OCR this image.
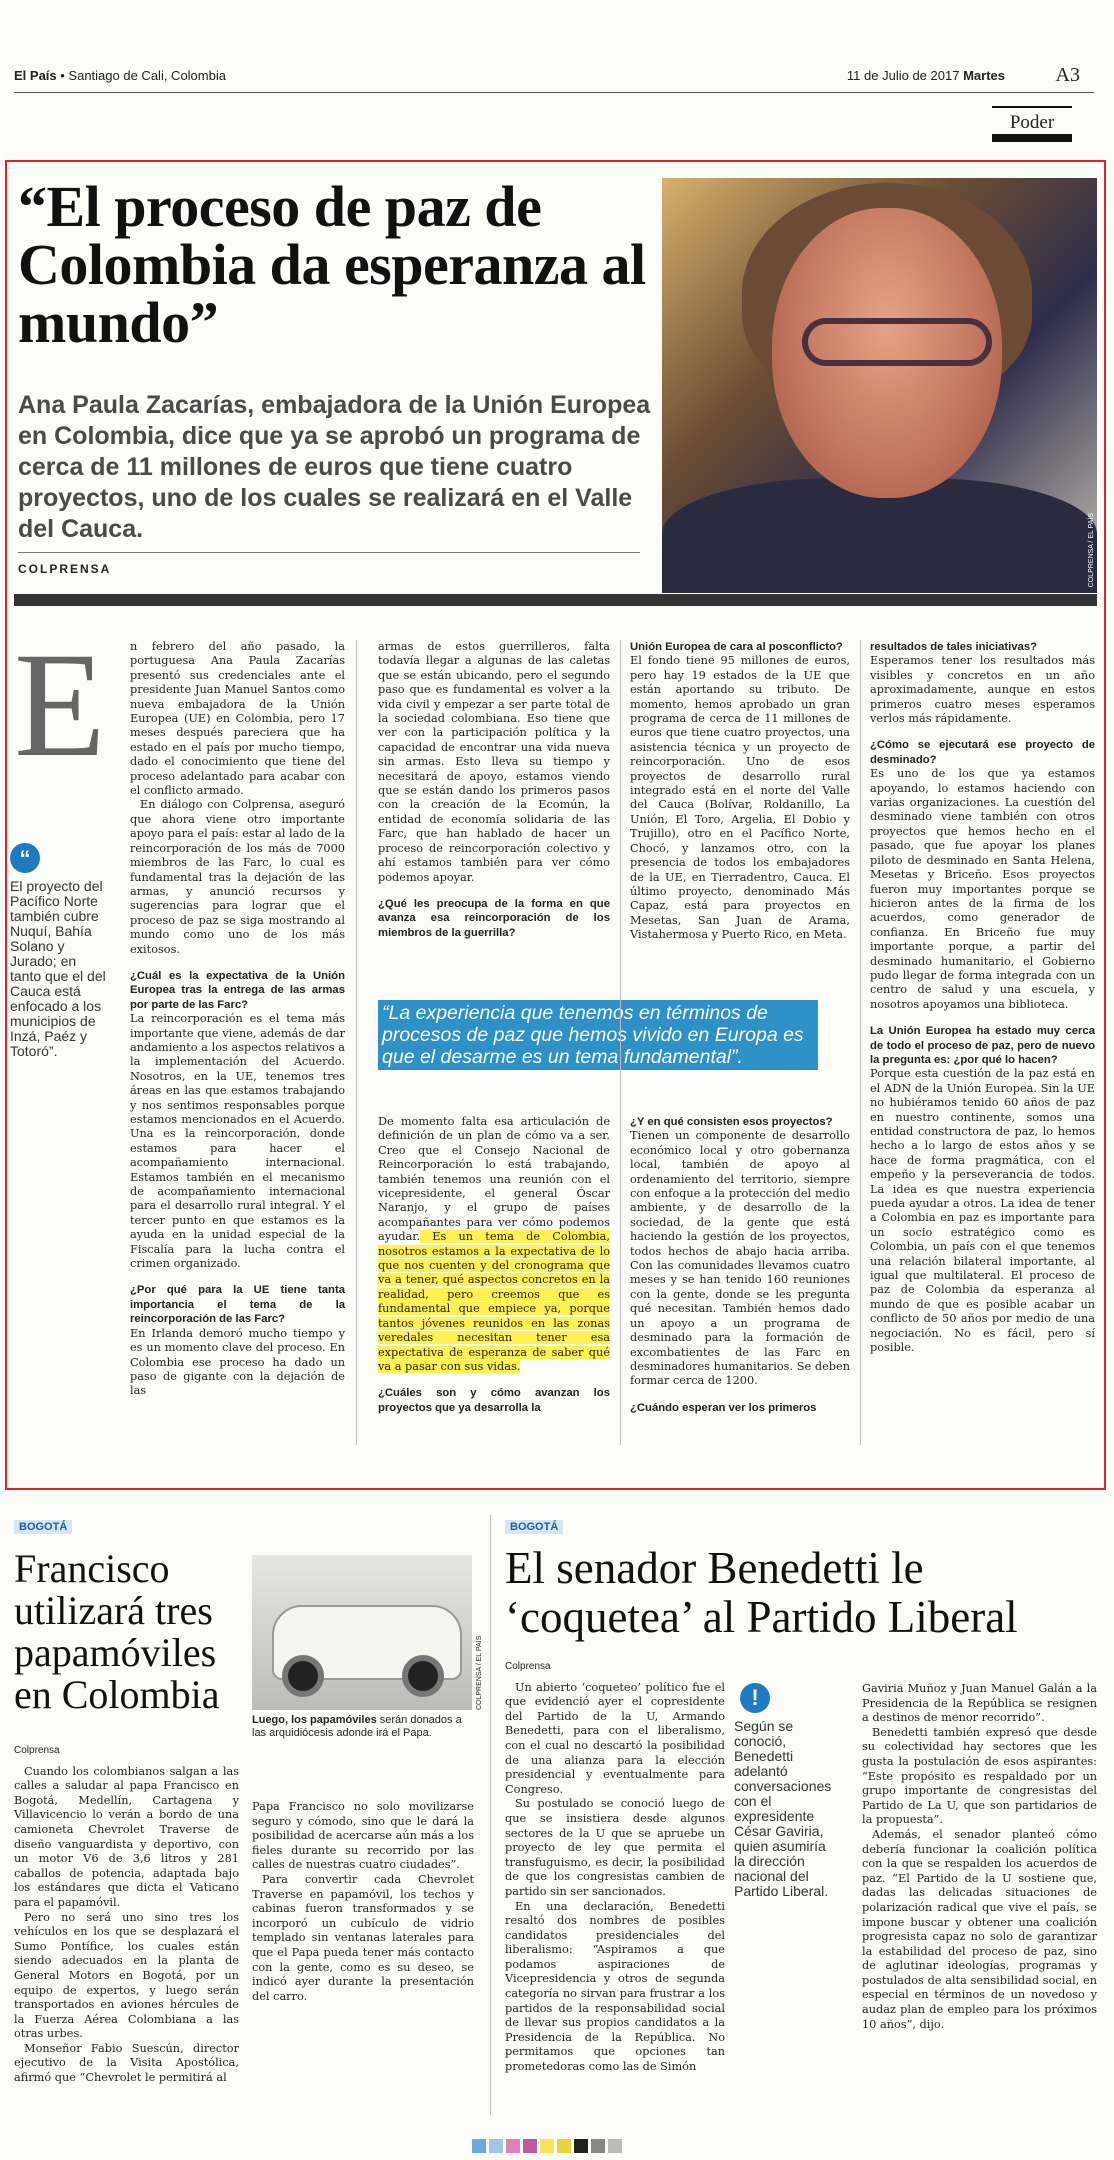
El País • Santiago de Cali, Colombia	11 de Julio de 2017 Martes	A3
Poder
“El proceso de paz de Colombia da esperanza al mundo”
Ana Paula Zacarías, embajadora de la Unión Europea en Colombia, dice que ya se aprobó un programa de cerca de 11 millones de euros que tiene cuatro proyectos, uno de los cuales se realizará en el Valle del Cauca.
COLPRENSA	COLPRENSA / EL PAÍS
E
“
El proyecto del Pacífico Norte también cubre Nuquí, Bahía Solano y Jurado; en tanto que el del Cauca está enfocado a los municipios de Inzá, Paéz y Totoró”.

n febrero del año pasado, la portuguesa Ana Paula Zacarías presentó sus credenciales ante el presidente Juan Manuel Santos como nueva embajadora de la Unión Europea (UE) en Colombia, pero 17 meses después pareciera que ha estado en el país por mucho tiempo, dado el conocimiento que tiene del proceso adelantado para acabar con el conflicto armado.

En diálogo con Colprensa, aseguró que ahora viene otro importante apoyo para el país: estar al lado de la reincorporación de los más de 7000 miembros de las Farc, lo cual es fundamental tras la dejación de las armas, y anunció recursos y sugerencias para lograr que el proceso de paz se siga mostrando al mundo como uno de los más exitosos.

¿Cuál es la expectativa de la Unión Europea tras la entrega de las armas por parte de las Farc?

La reincorporación es el tema más importante que viene, además de dar andamiento a los aspectos relativos a la implementación del Acuerdo. Nosotros, en la UE, tenemos tres áreas en las que estamos trabajando y nos sentimos responsables porque estamos mencionados en el Acuerdo. Una es la reincorporación, donde estamos para hacer el acompañamiento internacional. Estamos también en el mecanismo de acompañamiento internacional para el desarrollo rural integral. Y el tercer punto en que estamos es la ayuda en la unidad especial de la Fiscalía para la lucha contra el crimen organizado.

¿Por qué para la UE tiene tanta importancia el tema de la reincorporación de las Farc?

En Irlanda demoró mucho tiempo y es un momento clave del proceso. En Colombia ese proceso ha dado un paso de gigante con la dejación de las

armas de estos guerrilleros, falta todavía llegar a algunas de las caletas que se están ubicando, pero el segundo paso que es fundamental es volver a la vida civil y empezar a ser parte total de la sociedad colombiana. Eso tiene que ver con la participación política y la capacidad de encontrar una vida nueva sin armas. Esto lleva su tiempo y necesitará de apoyo, estamos viendo que se están dando los primeros pasos con la creación de la Ecomún, la entidad de economía solidaria de las Farc, que han hablado de hacer un proceso de reincorporación colectivo y ahí estamos también para ver cómo podemos apoyar.

¿Qué les preocupa de la forma en que avanza esa reincorporación de los miembros de la guerrilla?
“La experiencia que tenemos en términos de procesos de paz que hemos vivido en Europa es que el desarme es un tema fundamental”.

De momento falta esa articulación de definición de un plan de cómo va a ser. Creo que el Consejo Nacional de Reincorporación lo está trabajando, también tenemos una reunión con el vicepresidente, el general Óscar Naranjo, y el grupo de países acompañantes para ver cómo podemos ayudar. Es un tema de Colombia, nosotros estamos a la expectativa de lo que nos cuenten y del cronograma que va a tener, qué aspectos concretos en la realidad, pero creemos que es fundamental que empiece ya, porque tantos jóvenes reunidos en las zonas veredales necesitan tener esa expectativa de esperanza de saber qué va a pasar con sus vidas.

¿Cuáles son y cómo avanzan los proyectos que ya desarrolla la
Unión Europea de cara al posconflicto?

El fondo tiene 95 millones de euros, pero hay 19 estados de la UE que están aportando su tributo. De momento, hemos aprobado un gran programa de cerca de 11 millones de euros que tiene cuatro proyectos, una asistencia técnica y un proyecto de reincorporación. Uno de esos proyectos de desarrollo rural integrado está en el norte del Valle del Cauca (Bolívar, Roldanillo, La Unión, El Toro, Argelia, El Dobio y Trujillo), otro en el Pacífico Norte, Chocó, y lanzamos otro, con la presencia de todos los embajadores de la UE, en Tierradentro, Cauca. El último proyecto, denominado Más Capaz, está para proyectos en Mesetas, San Juan de Arama, Vistahermosa y Puerto Rico, en Meta.

¿Y en qué consisten esos proyectos?

Tienen un componente de desarrollo económico local y otro gobernanza local, también de apoyo al ordenamiento del territorio, siempre con enfoque a la protección del medio ambiente, y de desarrollo de la sociedad, de la gente que está haciendo la gestión de los proyectos, todos hechos de abajo hacia arriba. Con las comunidades llevamos cuatro meses y se han tenido 160 reuniones con la gente, donde se les pregunta qué necesitan. También hemos dado un apoyo a un programa de desminado para la formación de excombatientes de las Farc en desminadores humanitarios. Se deben formar cerca de 1200.

¿Cuándo esperan ver los primeros
resultados de tales iniciativas?

Esperamos tener los resultados más visibles y concretos en un año aproximadamente, aunque en estos primeros cuatro meses esperamos verlos más rápidamente.

¿Cómo se ejecutará ese proyecto de desminado?

Es uno de los que ya estamos apoyando, lo estamos haciendo con varias organizaciones. La cuestión del desminado viene también con otros proyectos que hemos hecho en el pasado, que fue apoyar los planes piloto de desminado en Santa Helena, Mesetas y Briceño. Esos proyectos fueron muy importantes porque se hicieron antes de la firma de los acuerdos, como generador de confianza. En Briceño fue muy importante porque, a partir del desminado humanitario, el Gobierno pudo llegar de forma integrada con un centro de salud y una escuela, y nosotros apoyamos una biblioteca.

La Unión Europea ha estado muy cerca de todo el proceso de paz, pero de nuevo la pregunta es: ¿por qué lo hacen?

Porque esta cuestión de la paz está en el ADN de la Unión Europea. Sin la UE no hubiéramos tenido 60 años de paz en nuestro continente, somos una entidad constructora de paz, lo hemos hecho a lo largo de estos años y se hace de forma pragmática, con el empeño y la perseverancia de todos. La idea es que nuestra experiencia pueda ayudar a otros. La idea de tener a Colombia en paz es importante para un socio estratégico como es Colombia, un país con el que tenemos una relación bilateral importante, al igual que multilateral. El proceso de paz de Colombia da esperanza al mundo de que es posible acabar un conflicto de 50 años por medio de una negociación. No es fácil, pero sí posible.

BOGOTÁ
Francisco utilizará tres papamóviles en Colombia	COLPRENSA / EL PAÍS
Luego, los papamóviles serán donados a las arquidiócesis adonde irá el Papa.
Colprensa

Cuando los colombianos salgan a las calles a saludar al papa Francisco en Bogotá, Medellín, Cartagena y Villavicencio lo verán a bordo de una camioneta Chevrolet Traverse de diseño vanguardista y deportivo, con un motor V6 de 3,6 litros y 281 caballos de potencia, adaptada bajo los estándares que dicta el Vaticano para el papamóvil.

Pero no será uno sino tres los vehículos en los que se desplazará el Sumo Pontífice, los cuales están siendo adecuados en la planta de General Motors en Bogotá, por un equipo de expertos, y luego serán transportados en aviones hércules de la Fuerza Aérea Colombiana a las otras urbes.

Monseñor Fabio Suescún, director ejecutivo de la Visita Apostólica, afirmó que “Chevrolet le permitirá al

Papa Francisco no solo movilizarse seguro y cómodo, sino que le dará la posibilidad de acercarse aún más a los fieles durante su recorrido por las calles de nuestras cuatro ciudades”.

Para convertir cada Chevrolet Traverse en papamóvil, los techos y cabinas fueron transformados y se incorporó un cubículo de vidrio templado sin ventanas laterales para que el Papa pueda tener más contacto con la gente, como es su deseo, se indicó ayer durante la presentación del carro.

BOGOTÁ
El senador Benedetti le ‘coquetea’ al Partido Liberal
Colprensa

Un abierto ‘coqueteo’ político fue el que evidenció ayer el copresidente del Partido de la U, Armando Benedetti, para con el liberalismo, con el cual no descartó la posibilidad de una alianza para la elección presidencial y eventualmente para Congreso.

Su postulado se conoció luego de que se insistiera desde algunos sectores de la U que se apruebe un proyecto de ley que permita el transfuguismo, es decir, la posibilidad de que los congresistas cambien de partido sin ser sancionados.

En una declaración, Benedetti resaltó dos nombres de posibles candidatos presidenciales del liberalismo: “Aspiramos a que podamos aspiraciones de Vicepresidencia y otros de segunda categoría no sirvan para frustrar a los partidos de la responsabilidad social de llevar sus propios candidatos a la Presidencia de la República. No permitamos que opciones tan prometedoras como las de Simón

!
Según se conoció, Benedetti adelantó conversaciones con el expresidente César Gaviria, quien asumiría la dirección nacional del Partido Liberal.

Gaviria Muñoz y Juan Manuel Galán a la Presidencia de la República se resignen a destinos de menor recorrido”.

Benedetti también expresó que desde su colectividad hay sectores que les gusta la postulación de esos aspirantes: “Este propósito es respaldado por un grupo importante de congresistas del Partido de La U, que son partidarios de la propuesta”.

Además, el senador planteó cómo debería funcionar la coalición política con la que se respalden los acuerdos de paz. “El Partido de la U sostiene que, dadas las delicadas situaciones de polarización radical que vive el país, se impone buscar y obtener una coalición progresista capaz no solo de garantizar la estabilidad del proceso de paz, sino de aglutinar ideologías, programas y postulados de alta sensibilidad social, en especial en términos de un novedoso y audaz plan de empleo para los próximos 10 años”, dijo.
